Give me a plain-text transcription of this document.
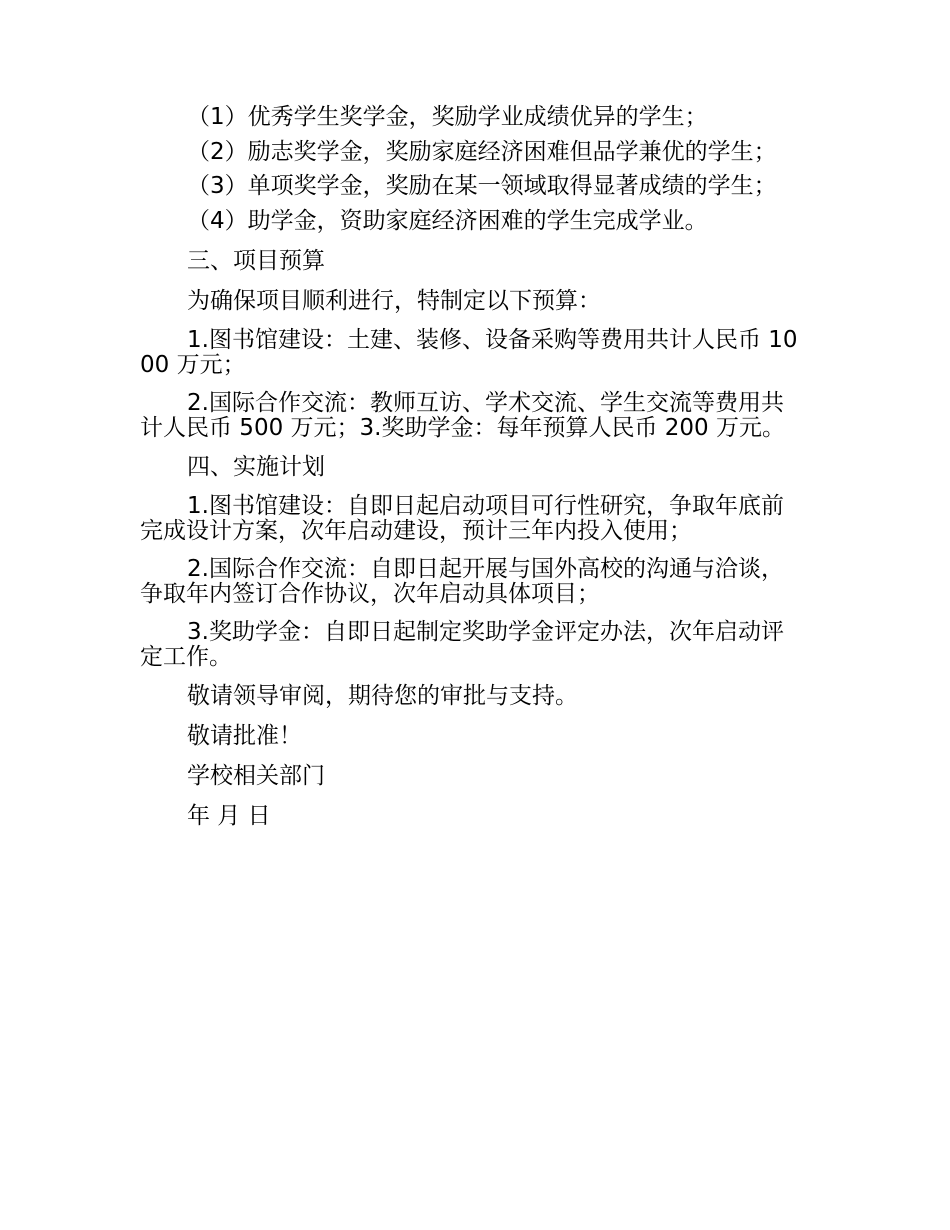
（1）优秀学生奖学金，奖励学业成绩优异的学生；

（2）励志奖学金，奖励家庭经济困难但品学兼优的学生；

（3）单项奖学金，奖励在某一领域取得显著成绩的学生；

（4）助学金，资助家庭经济困难的学生完成学业。

三、项目预算

为确保项目顺利进行，特制定以下预算：

1.图书馆建设：土建、装修、设备采购等费用共计人民币 1000 万元；

2.国际合作交流：教师互访、学术交流、学生交流等费用共计人民币 500 万元；3.奖助学金：每年预算人民币 200 万元。

四、实施计划

1.图书馆建设：自即日起启动项目可行性研究，争取年底前完成设计方案，次年启动建设，预计三年内投入使用；

2.国际合作交流：自即日起开展与国外高校的沟通与洽谈，争取年内签订合作协议，次年启动具体项目；

3.奖助学金：自即日起制定奖助学金评定办法，次年启动评定工作。

敬请领导审阅，期待您的审批与支持。

敬请批准！

学校相关部门

年 月 日
